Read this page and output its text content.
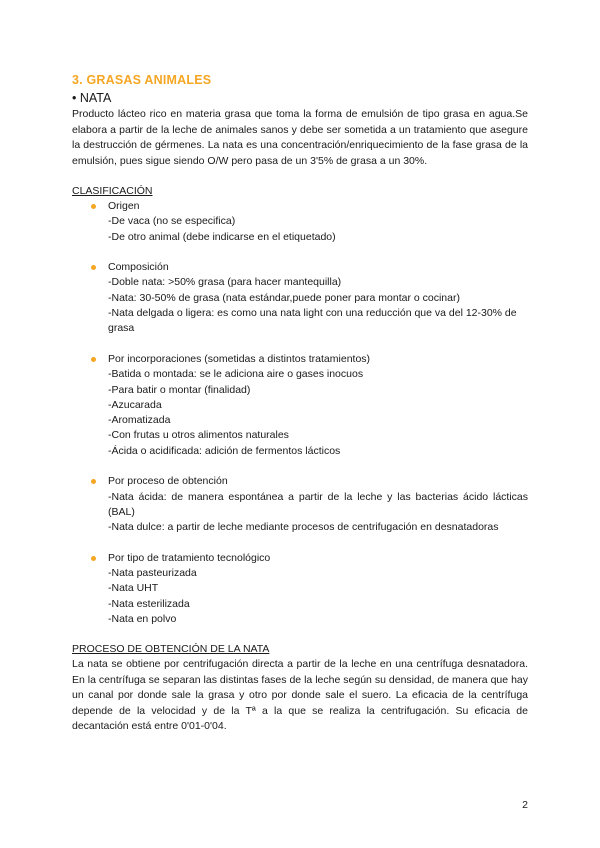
3. GRASAS ANIMALES
• NATA

Producto lácteo rico en materia grasa que toma la forma de emulsión de tipo grasa en agua.Se elabora a partir de la leche de animales sanos y debe ser sometida a un tratamiento que asegure la destrucción de gérmenes. La nata es una concentración/enriquecimiento de la fase grasa de la emulsión, pues sigue siendo O/W pero pasa de un 3'5% de grasa a un 30%.

CLASIFICACIÓN

Origen
-De vaca (no se especifica)
-De otro animal (debe indicarse en el etiquetado)
Composición
-Doble nata: >50% grasa (para hacer mantequilla)
-Nata: 30-50% de grasa (nata estándar,puede poner para montar o cocinar)
-Nata delgada o ligera: es como una nata light con una reducción que va del 12-30% de grasa
Por incorporaciones (sometidas a distintos tratamientos)
-Batida o montada: se le adiciona aire o gases inocuos
-Para batir o montar (finalidad)
-Azucarada
-Aromatizada
-Con frutas u otros alimentos naturales
-Ácida o acidificada: adición de fermentos lácticos
Por proceso de obtención
-Nata ácida: de manera espontánea a partir de la leche y las bacterias ácido lácticas (BAL)
-Nata dulce: a partir de leche mediante procesos de centrifugación en desnatadoras
Por tipo de tratamiento tecnológico
-Nata pasteurizada
-Nata UHT
-Nata esterilizada
-Nata en polvo

PROCESO DE OBTENCIÓN DE LA NATA

La nata se obtiene por centrifugación directa a partir de la leche en una centrífuga desnatadora. En la centrífuga se separan las distintas fases de la leche según su densidad, de manera que hay un canal por donde sale la grasa y otro por donde sale el suero. La eficacia de la centrífuga depende de la velocidad y de la Tª a la que se realiza la centrifugación. Su eficacia de decantación está entre 0'01-0'04.

2
